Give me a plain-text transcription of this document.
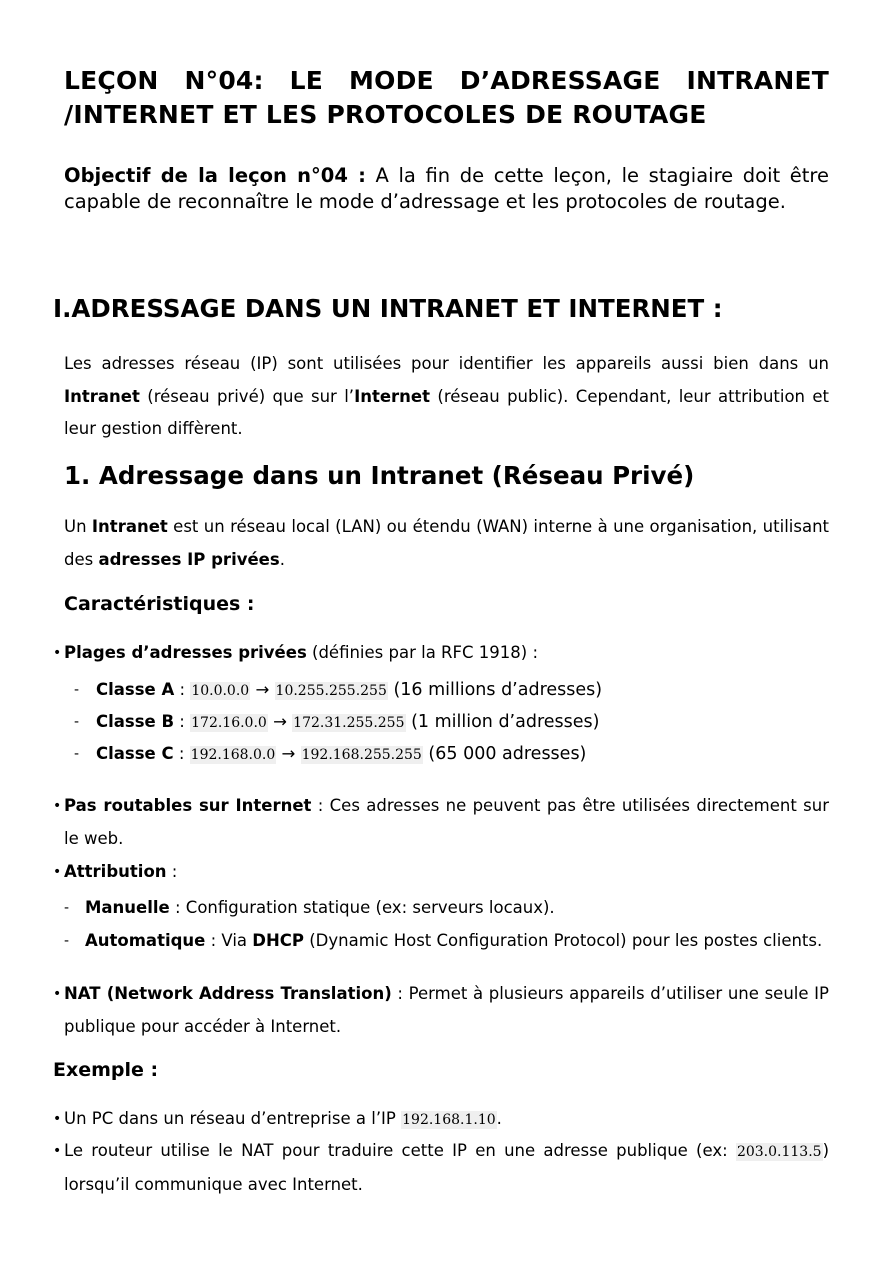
LEÇON N°04: LE MODE D’ADRESSAGE INTRANET /INTERNET ET LES PROTOCOLES DE ROUTAGE
Objectif de la leçon n°04 : A la fin de cette leçon, le stagiaire doit être capable de reconnaître le mode d’adressage et les protocoles de routage.
I.ADRESSAGE DANS UN INTRANET ET INTERNET :
Les adresses réseau (IP) sont utilisées pour identifier les appareils aussi bien dans un Intranet (réseau privé) que sur l’Internet (réseau public). Cependant, leur attribution et leur gestion diffèrent.
1. Adressage dans un Intranet (Réseau Privé)
Un Intranet est un réseau local (LAN) ou étendu (WAN) interne à une organisation, utilisant des adresses IP privées.
Caractéristiques :
• Plages d’adresses privées (définies par la RFC 1918) :
- Classe A : 10.0.0.0 → 10.255.255.255 (16 millions d’adresses)
- Classe B : 172.16.0.0 → 172.31.255.255 (1 million d’adresses)
- Classe C : 192.168.0.0 → 192.168.255.255 (65 000 adresses)
• Pas routables sur Internet : Ces adresses ne peuvent pas être utilisées directement sur le web.
• Attribution :
- Manuelle : Configuration statique (ex: serveurs locaux).
- Automatique : Via DHCP (Dynamic Host Configuration Protocol) pour les postes clients.
• NAT (Network Address Translation) : Permet à plusieurs appareils d’utiliser une seule IP publique pour accéder à Internet.
Exemple :
• Un PC dans un réseau d’entreprise a l’IP 192.168.1.10.
• Le routeur utilise le NAT pour traduire cette IP en une adresse publique (ex: 203.0.113.5) lorsqu’il communique avec Internet.
